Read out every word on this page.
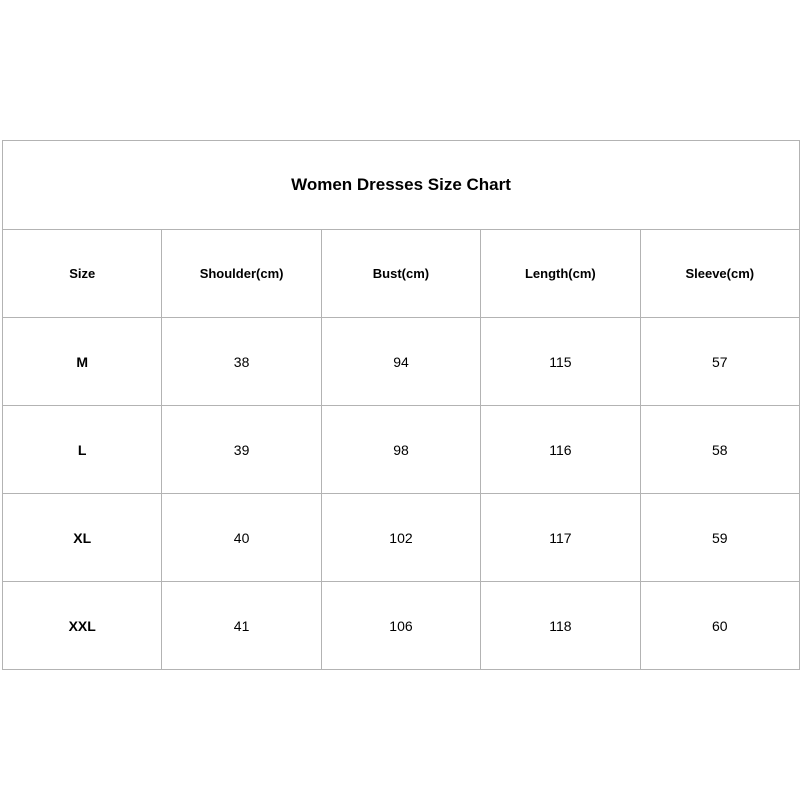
Women Dresses Size Chart				
Size	Shoulder(cm)	Bust(cm)	Length(cm)	Sleeve(cm)
M	38	94	115	57
L	39	98	116	58
XL	40	102	117	59
XXL	41	106	118	60
